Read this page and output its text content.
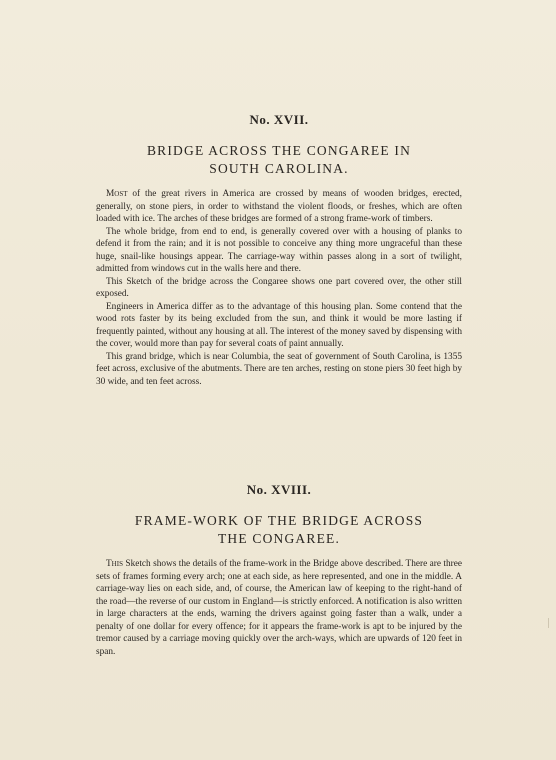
No. XVII.
BRIDGE ACROSS THE CONGAREE IN
SOUTH CAROLINA.

Most of the great rivers in America are crossed by means of wooden bridges, erected, generally, on stone piers, in order to withstand the violent floods, or freshes, which are often loaded with ice. The arches of these bridges are formed of a strong frame-work of timbers.

The whole bridge, from end to end, is generally covered over with a housing of planks to defend it from the rain; and it is not possible to conceive any thing more ungraceful than these huge, snail-like housings appear. The carriage-way within passes along in a sort of twilight, admitted from windows cut in the walls here and there.

This Sketch of the bridge across the Congaree shows one part covered over, the other still exposed.

Engineers in America differ as to the advantage of this housing plan. Some contend that the wood rots faster by its being excluded from the sun, and think it would be more lasting if frequently painted, without any housing at all. The interest of the money saved by dispensing with the cover, would more than pay for several coats of paint annually.

This grand bridge, which is near Columbia, the seat of government of South Carolina, is 1355 feet across, exclusive of the abutments. There are ten arches, resting on stone piers 30 feet high by 30 wide, and ten feet across.

No. XVIII.
FRAME-WORK OF THE BRIDGE ACROSS
THE CONGAREE.

This Sketch shows the details of the frame-work in the Bridge above described. There are three sets of frames forming every arch; one at each side, as here represented, and one in the middle. A carriage-way lies on each side, and, of course, the American law of keeping to the right-hand of the road—the reverse of our custom in England—is strictly enforced. A notification is also written in large characters at the ends, warning the drivers against going faster than a walk, under a penalty of one dollar for every offence; for it appears the frame-work is apt to be injured by the tremor caused by a carriage moving quickly over the arch-ways, which are upwards of 120 feet in span.
